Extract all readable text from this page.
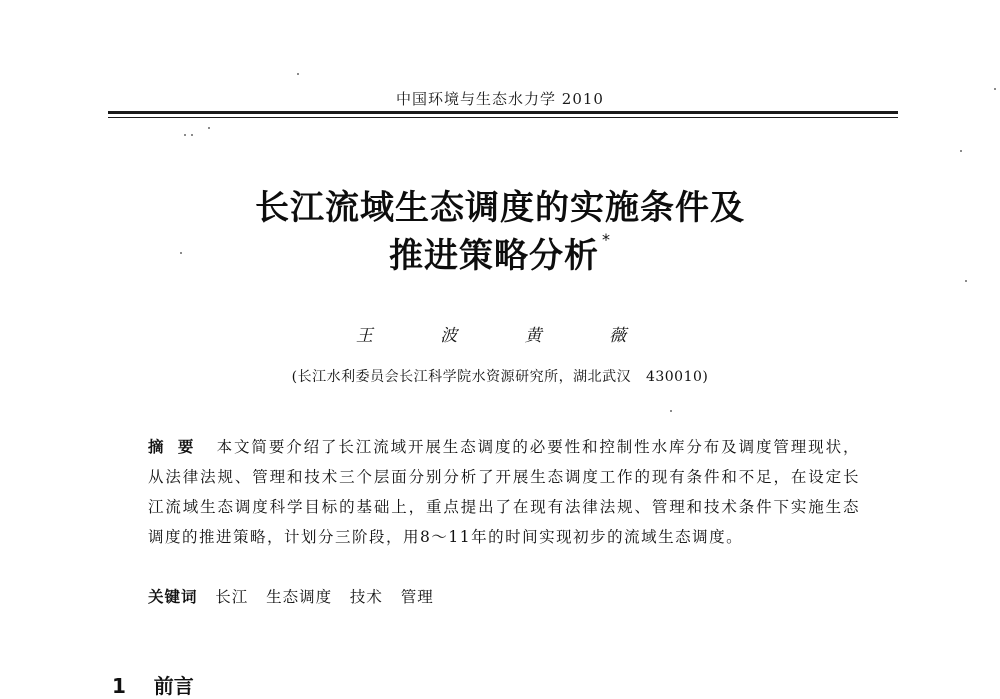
中国环境与生态水力学 2010
长江流域生态调度的实施条件及
推进策略分析 *
王 波 黄 薇
(长江水利委员会长江科学院水资源研究所，湖北武汉   430010)
摘要 本文简要介绍了长江流域开展生态调度的必要性和控制性水库分布及调度管理现状，从法律法规、管理和技术三个层面分别分析了开展生态调度工作的现有条件和不足，在设定长江流域生态调度科学目标的基础上，重点提出了在现有法律法规、管理和技术条件下实施生态调度的推进策略，计划分三阶段，用8～11年的时间实现初步的流域生态调度。
关键词 长江 生态调度 技术 管理
1 前言
